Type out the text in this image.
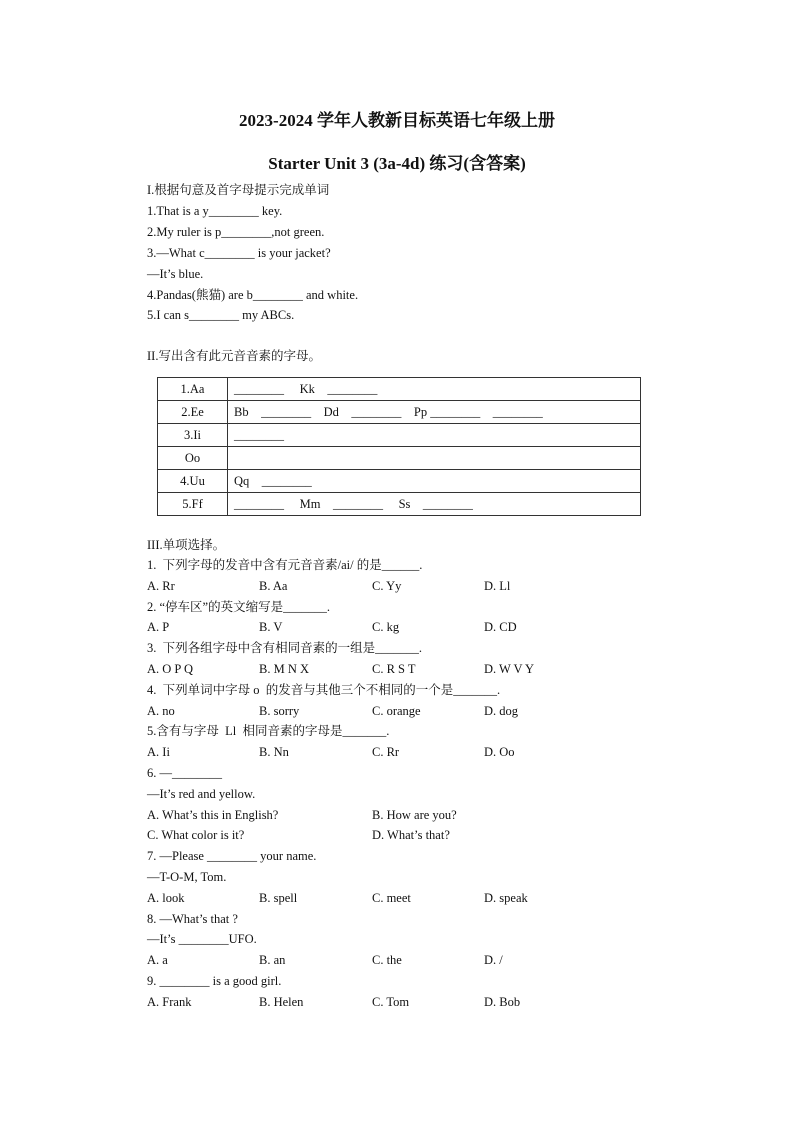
2023-2024 学年人教新目标英语七年级上册
Starter Unit 3 (3a-4d) 练习(含答案)
I.根据句意及首字母提示完成单词
1.That is a y________ key.
2.My ruler is p________,not green.
3.—What c________ is your jacket?
—It’s blue.
4.Pandas(熊猫) are b________ and white.
5.I can s________ my ABCs.
II.写出含有此元音音素的字母。
1.Aa	________     Kk    ________
2.Ee	Bb    ________    Dd    ________    Pp ________    ________
3.Ii	________
Oo	
4.Uu	Qq    ________
5.Ff	________     Mm    ________     Ss    ________
III.单项选择。
1.  下列字母的发音中含有元音音素/ai/ 的是______.
A. Rr	B. Aa	C. Yy	D. Ll
2. “停车区”的英文缩写是_______.
A. P	B. V	C. kg	D. CD
3.  下列各组字母中含有相同音素的一组是_______.
A. O P Q	B. M N X	C. R S T	D. W V Y
4.  下列单词中字母 o  的发音与其他三个不相同的一个是_______.
A. no	B. sorry	C. orange	D. dog
5.含有与字母  Ll  相同音素的字母是_______.
A. Ii	B. Nn	C. Rr	D. Oo
6. —________
—It’s red and yellow.
A. What’s this in English?	B. How are you?
C. What color is it?	D. What’s that?
7. —Please ________ your name.
—T-O-M, Tom.
A. look	B. spell	C. meet	D. speak
8. —What’s that ?
—It’s ________UFO.
A. a	B. an	C. the	D. /
9. ________ is a good girl.
A. Frank	B. Helen	C. Tom	D. Bob
